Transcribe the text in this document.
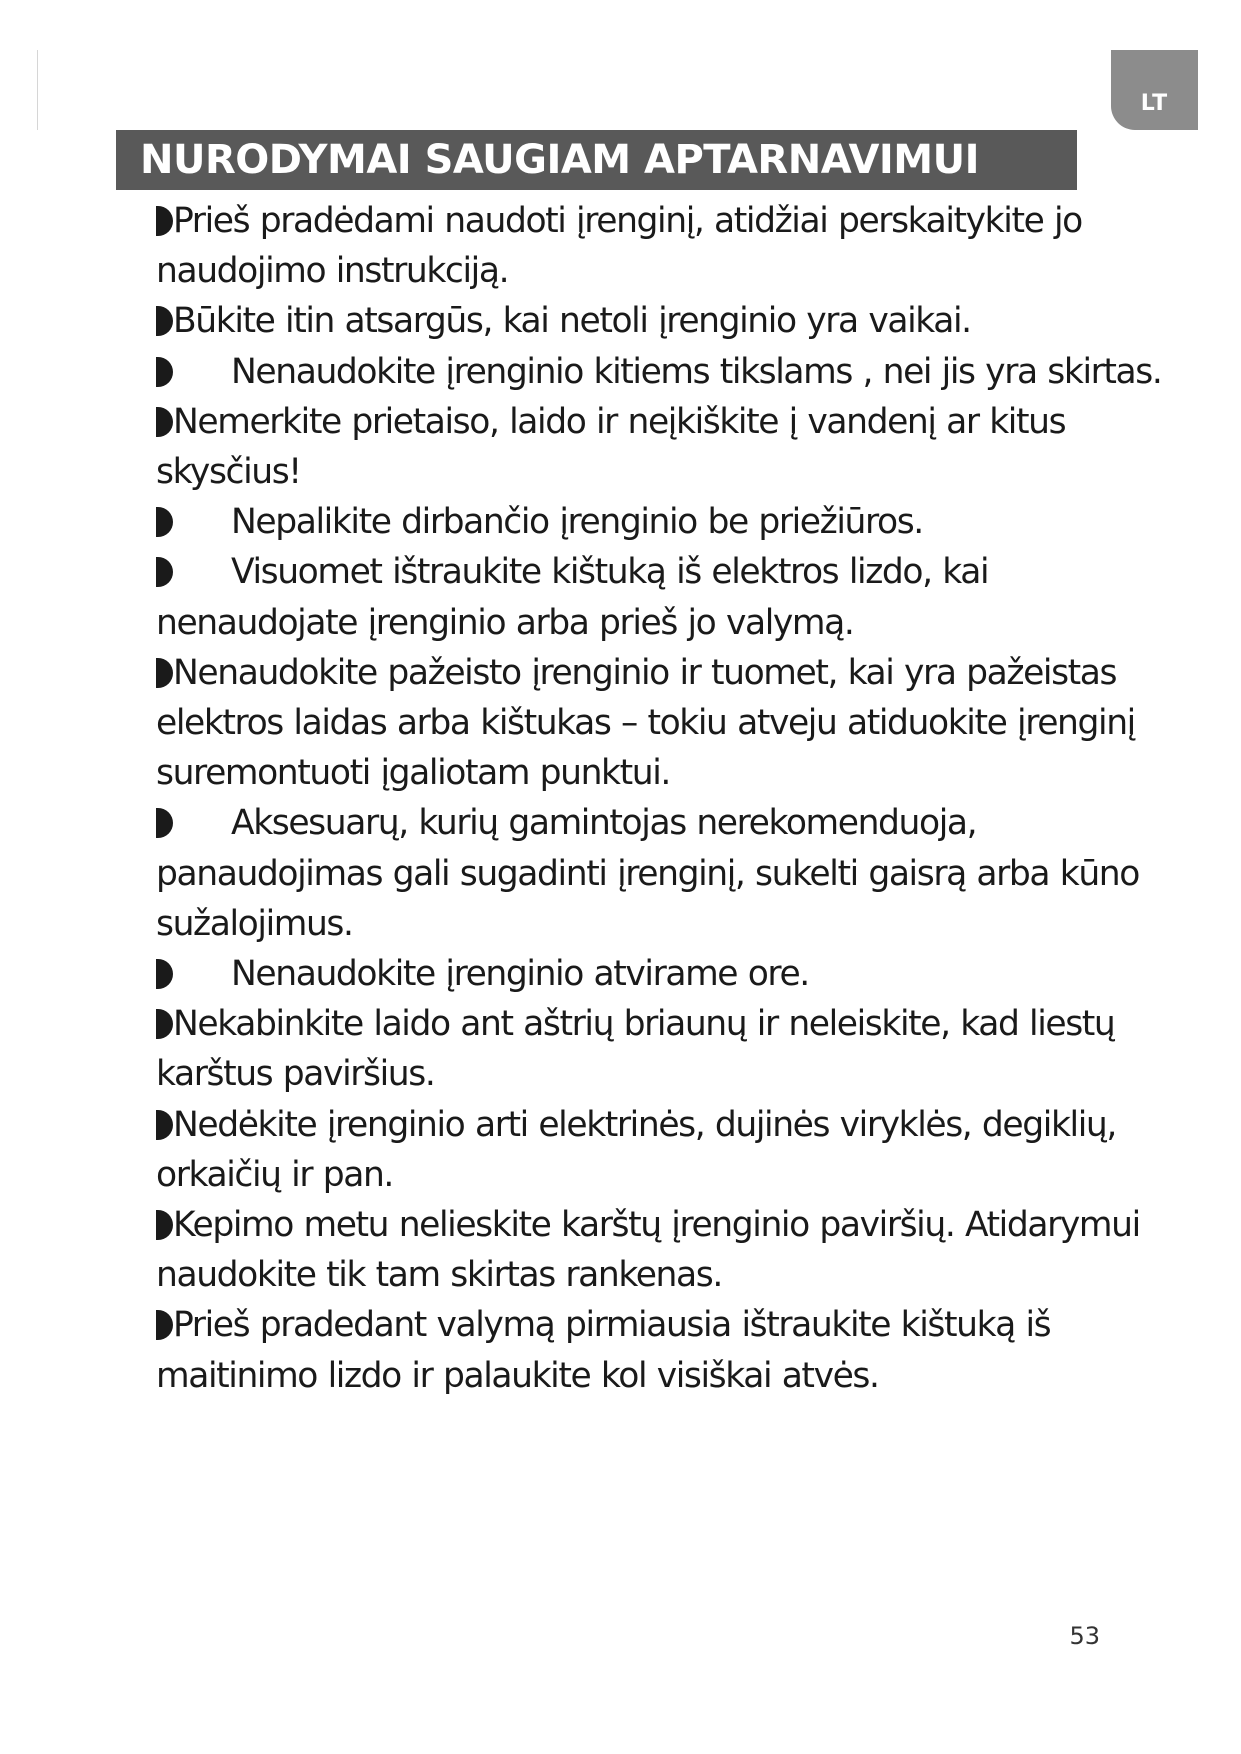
LT
NURODYMAI SAUGIAM APTARNAVIMUI
Prieš pradėdami naudoti įrenginį, atidžiai perskaitykite jo naudojimo instrukciją.
Būkite itin atsargūs, kai netoli įrenginio yra vaikai.
Nenaudokite įrenginio kitiems tikslams , nei jis yra skirtas.
Nemerkite prietaiso, laido ir neįkiškite į vandenį ar kitus skysčius!
Nepalikite dirbančio įrenginio be priežiūros.
Visuomet ištraukite kištuką iš elektros lizdo, kai nenaudojate įrenginio arba prieš jo valymą.
Nenaudokite pažeisto įrenginio ir tuomet, kai yra pažeistas elektros laidas arba kištukas – tokiu atveju atiduokite įrenginį suremontuoti įgaliotam punktui.
Aksesuarų, kurių gamintojas nerekomenduoja, panaudojimas gali sugadinti įrenginį, sukelti gaisrą arba kūno sužalojimus.
Nenaudokite įrenginio atvirame ore.
Nekabinkite laido ant aštrių briaunų ir neleiskite, kad liestų karštus paviršius.
Nedėkite įrenginio arti elektrinės, dujinės viryklės, degiklių, orkaičių ir pan.
Kepimo metu nelieskite karštų įrenginio paviršių. Atidarymui naudokite tik tam skirtas rankenas.
Prieš pradedant valymą pirmiausia ištraukite kištuką iš maitinimo lizdo ir palaukite kol visiškai atvės.
53
